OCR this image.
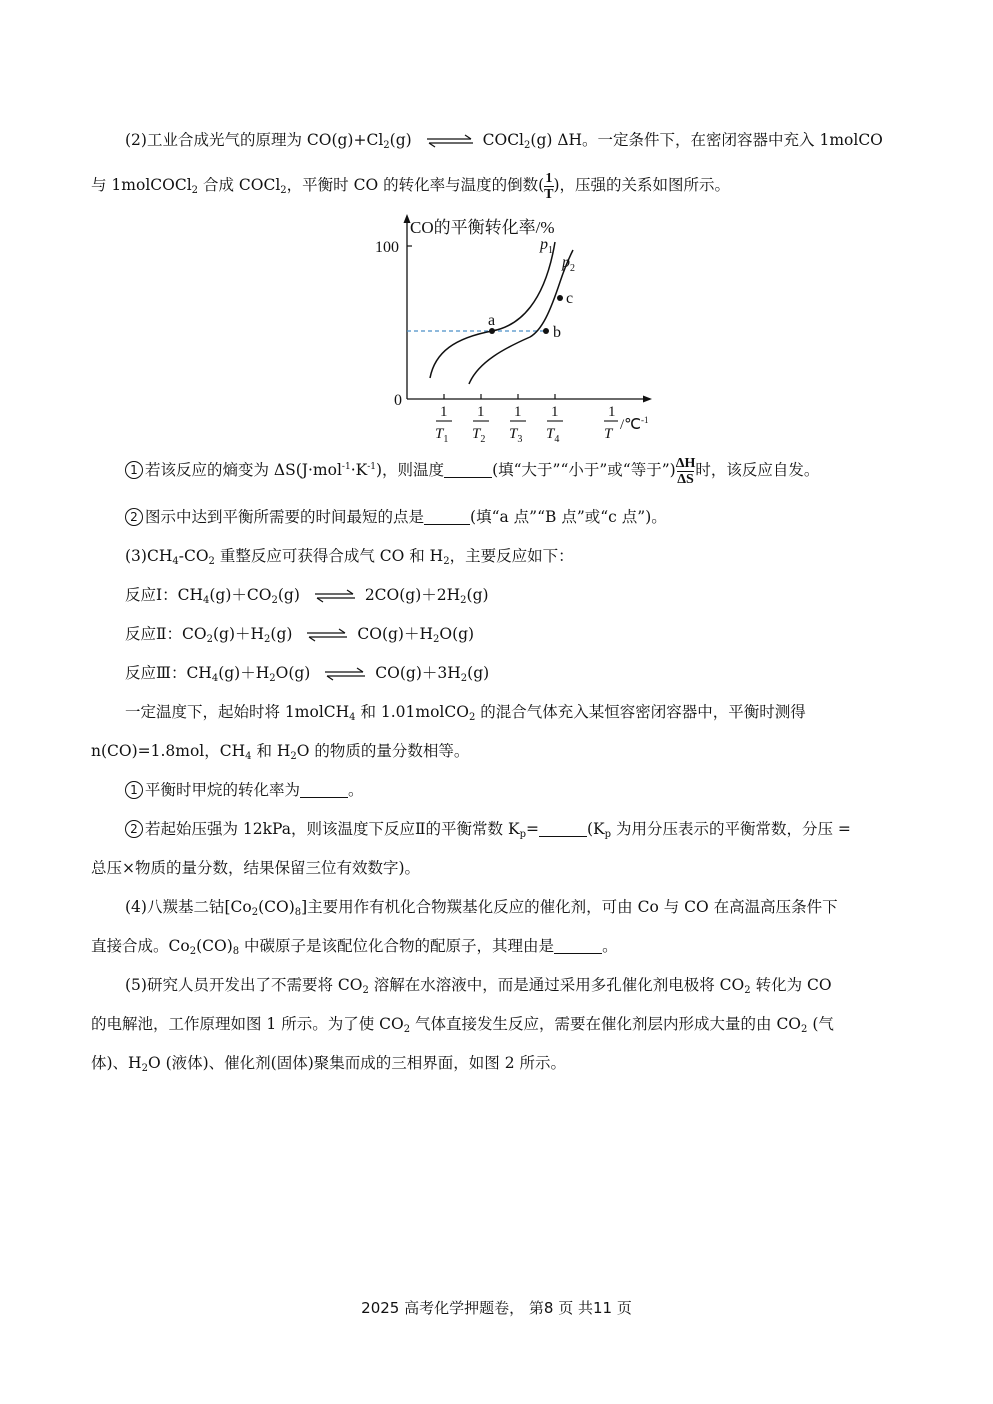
(2)工业合成光气的原理为 $CO(g)+Cl_2(g)$ ⇌ COCl$_2$(g) ΔH。一定条件下，在密闭容器中充入 1molCO
与 1molCOCl$_2$ 合成 COCl$_2$，平衡时 CO 的转化率与温度的倒数( $\frac{1}{T}$ )，压强的关系如图所示。
CO的平衡转化率/%
100
0
a
b
c
$p_1$
$p_2$
1
$T_1$
1
$T_2$
1
$T_3$
1
$T_4$
1
T
/℃$^{-1}$
1 若该反应的熵变为 $\Delta S(J\cdot mol^{-1}\cdot K^{-1})$，则温度	(填“大于”“小于”或“等于”) $\frac{\Delta H}{\Delta S}$ 时，该反应自发。
2 图示中达到平衡所需要的时间最短的点是	(填“a 点”“B 点”或“c 点”)。
$(3)CH_4-CO_2$ 重整反应可获得合成气 CO 和 $H_2$，主要反应如下：
反应Ⅰ：$CH_4(g)+CO_2(g)$ ⇌ $2CO(g)+2H_2(g)$
反应Ⅱ：$CO_2(g)+H_2(g)$ ⇌ $CO(g)+H_2O(g)$
反应Ⅲ：$CH_4(g)+H_2O(g)$ ⇌ $CO(g)+3H_2(g)$
一定温度下，起始时将 1molCH$_4$ 和 1.01molCO$_2$ 的混合气体充入某恒容密闭容器中，平衡时测得
n(CO)=1.8mol，$CH_4$ 和 $H_2O$ 的物质的量分数相等。
1 平衡时甲烷的转化率为	。
2 若起始压强为 12kPa，则该温度下反应Ⅱ的平衡常数 $K_p=$	($K_p$ 为用分压表示的平衡常数，分压 =
总压×物质的量分数，结果保留三位有效数字)。
(4)八羰基二钴$[Co_2(CO)_8]$主要用作有机化合物羰基化反应的催化剂，可由 Co 与 CO 在高温高压条件下
直接合成。$Co_2(CO)_8$ 中碳原子是该配位化合物的配原子，其理由是	。
(5)研究人员开发出了不需要将 $CO_2$ 溶解在水溶液中，而是通过采用多孔催化剂电极将 $CO_2$ 转化为 CO
的电解池，工作原理如图 1 所示。为了使 $CO_2$ 气体直接发生反应，需要在催化剂层内形成大量的由 $CO_2$ (气
体)、$H_2O$ (液体)、催化剂(固体)聚集而成的三相界面，如图 2 所示。
2025 高考化学押题卷， 第8 页 共11 页
